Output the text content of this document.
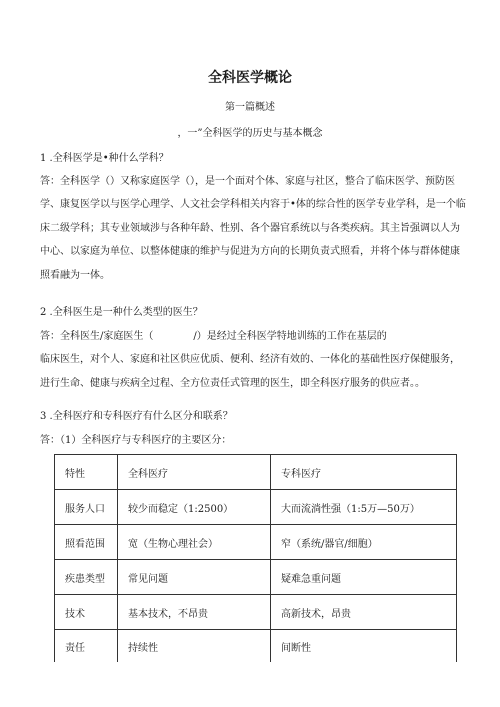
全科医学概论
第一篇概述
，一”全科医学的历史与基本概念
1 .全科医学是•种什么学科？
答：全科医学（）又称家庭医学（），是一个面对个体、家庭与社区，整合了临床医学、预防医
学、康复医学以与医学心理学、人文社会学科相关内容于•体的综合性的医学专业学科，是一个临
床二级学科；其专业领域涉与各种年龄、性别、各个器官系统以与各类疾病。其主旨强调以人为
中心、以家庭为单位、以整体健康的维护与促进为方向的长期负责式照看，并将个体与群体健康
照看融为一体。
2 .全科医生是一种什么类型的医生？
答：全科医生/家庭医生（　　　　/）是经过全科医学特地训练的工作在基层的
临床医生，对个人、家庭和社区供应优质、便利、经济有效的、一体化的基础性医疗保健服务，
进行生命、健康与疾病全过程、全方位责任式管理的医生，即全科医疗服务的供应者。。
3 .全科医疗和专科医疗有什么区分和联系？
答：（1）全科医疗与专科医疗的主要区分：
特性	全科医疗	专科医疗
服务人口	较少而稳定（1:2500）	大而流淌性强（1:5万—50万）
照看范围	宽（生物心理社会）	窄（系统/器官/细胞）
疾患类型	常见问题	疑难急重问题
技术	基本技术，不昂贵	高新技术，昂贵
责任	持续性	间断性
